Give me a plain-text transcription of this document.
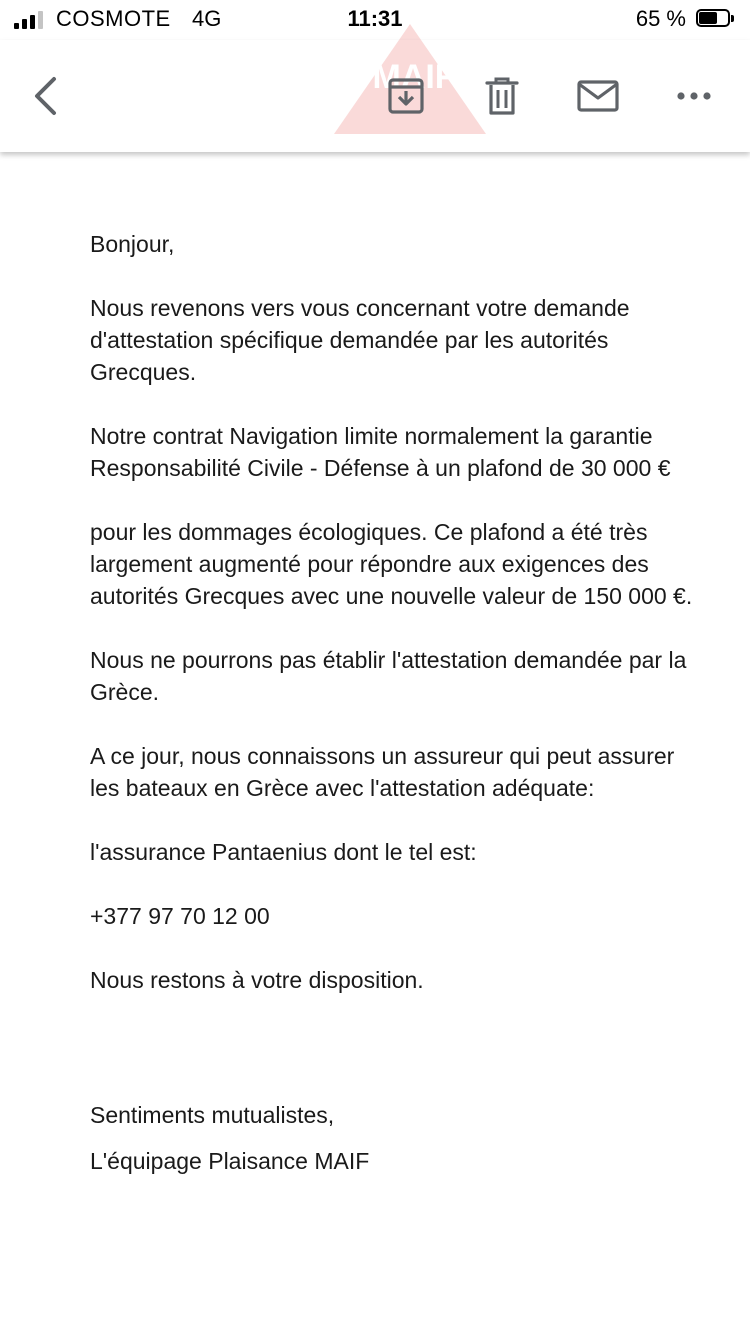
COSMOTE 4G	11:31	65 %
MAIF

Bonjour,

Nous revenons vers vous concernant votre demande d'attestation spécifique demandée par les autorités Grecques.

Notre contrat Navigation limite normalement la garantie Responsabilité Civile - Défense à un plafond de 30 000 €

pour les dommages écologiques. Ce plafond a été très largement augmenté pour répondre aux exigences des autorités Grecques avec une nouvelle valeur de 150 000 €.

Nous ne pourrons pas établir l'attestation demandée par la Grèce.

A ce jour, nous connaissons un assureur qui peut assurer les bateaux en Grèce avec l'attestation adéquate:

l'assurance Pantaenius dont le tel est:

+377 97 70 12 00

Nous restons à votre disposition.

Sentiments mutualistes,

L'équipage Plaisance MAIF
